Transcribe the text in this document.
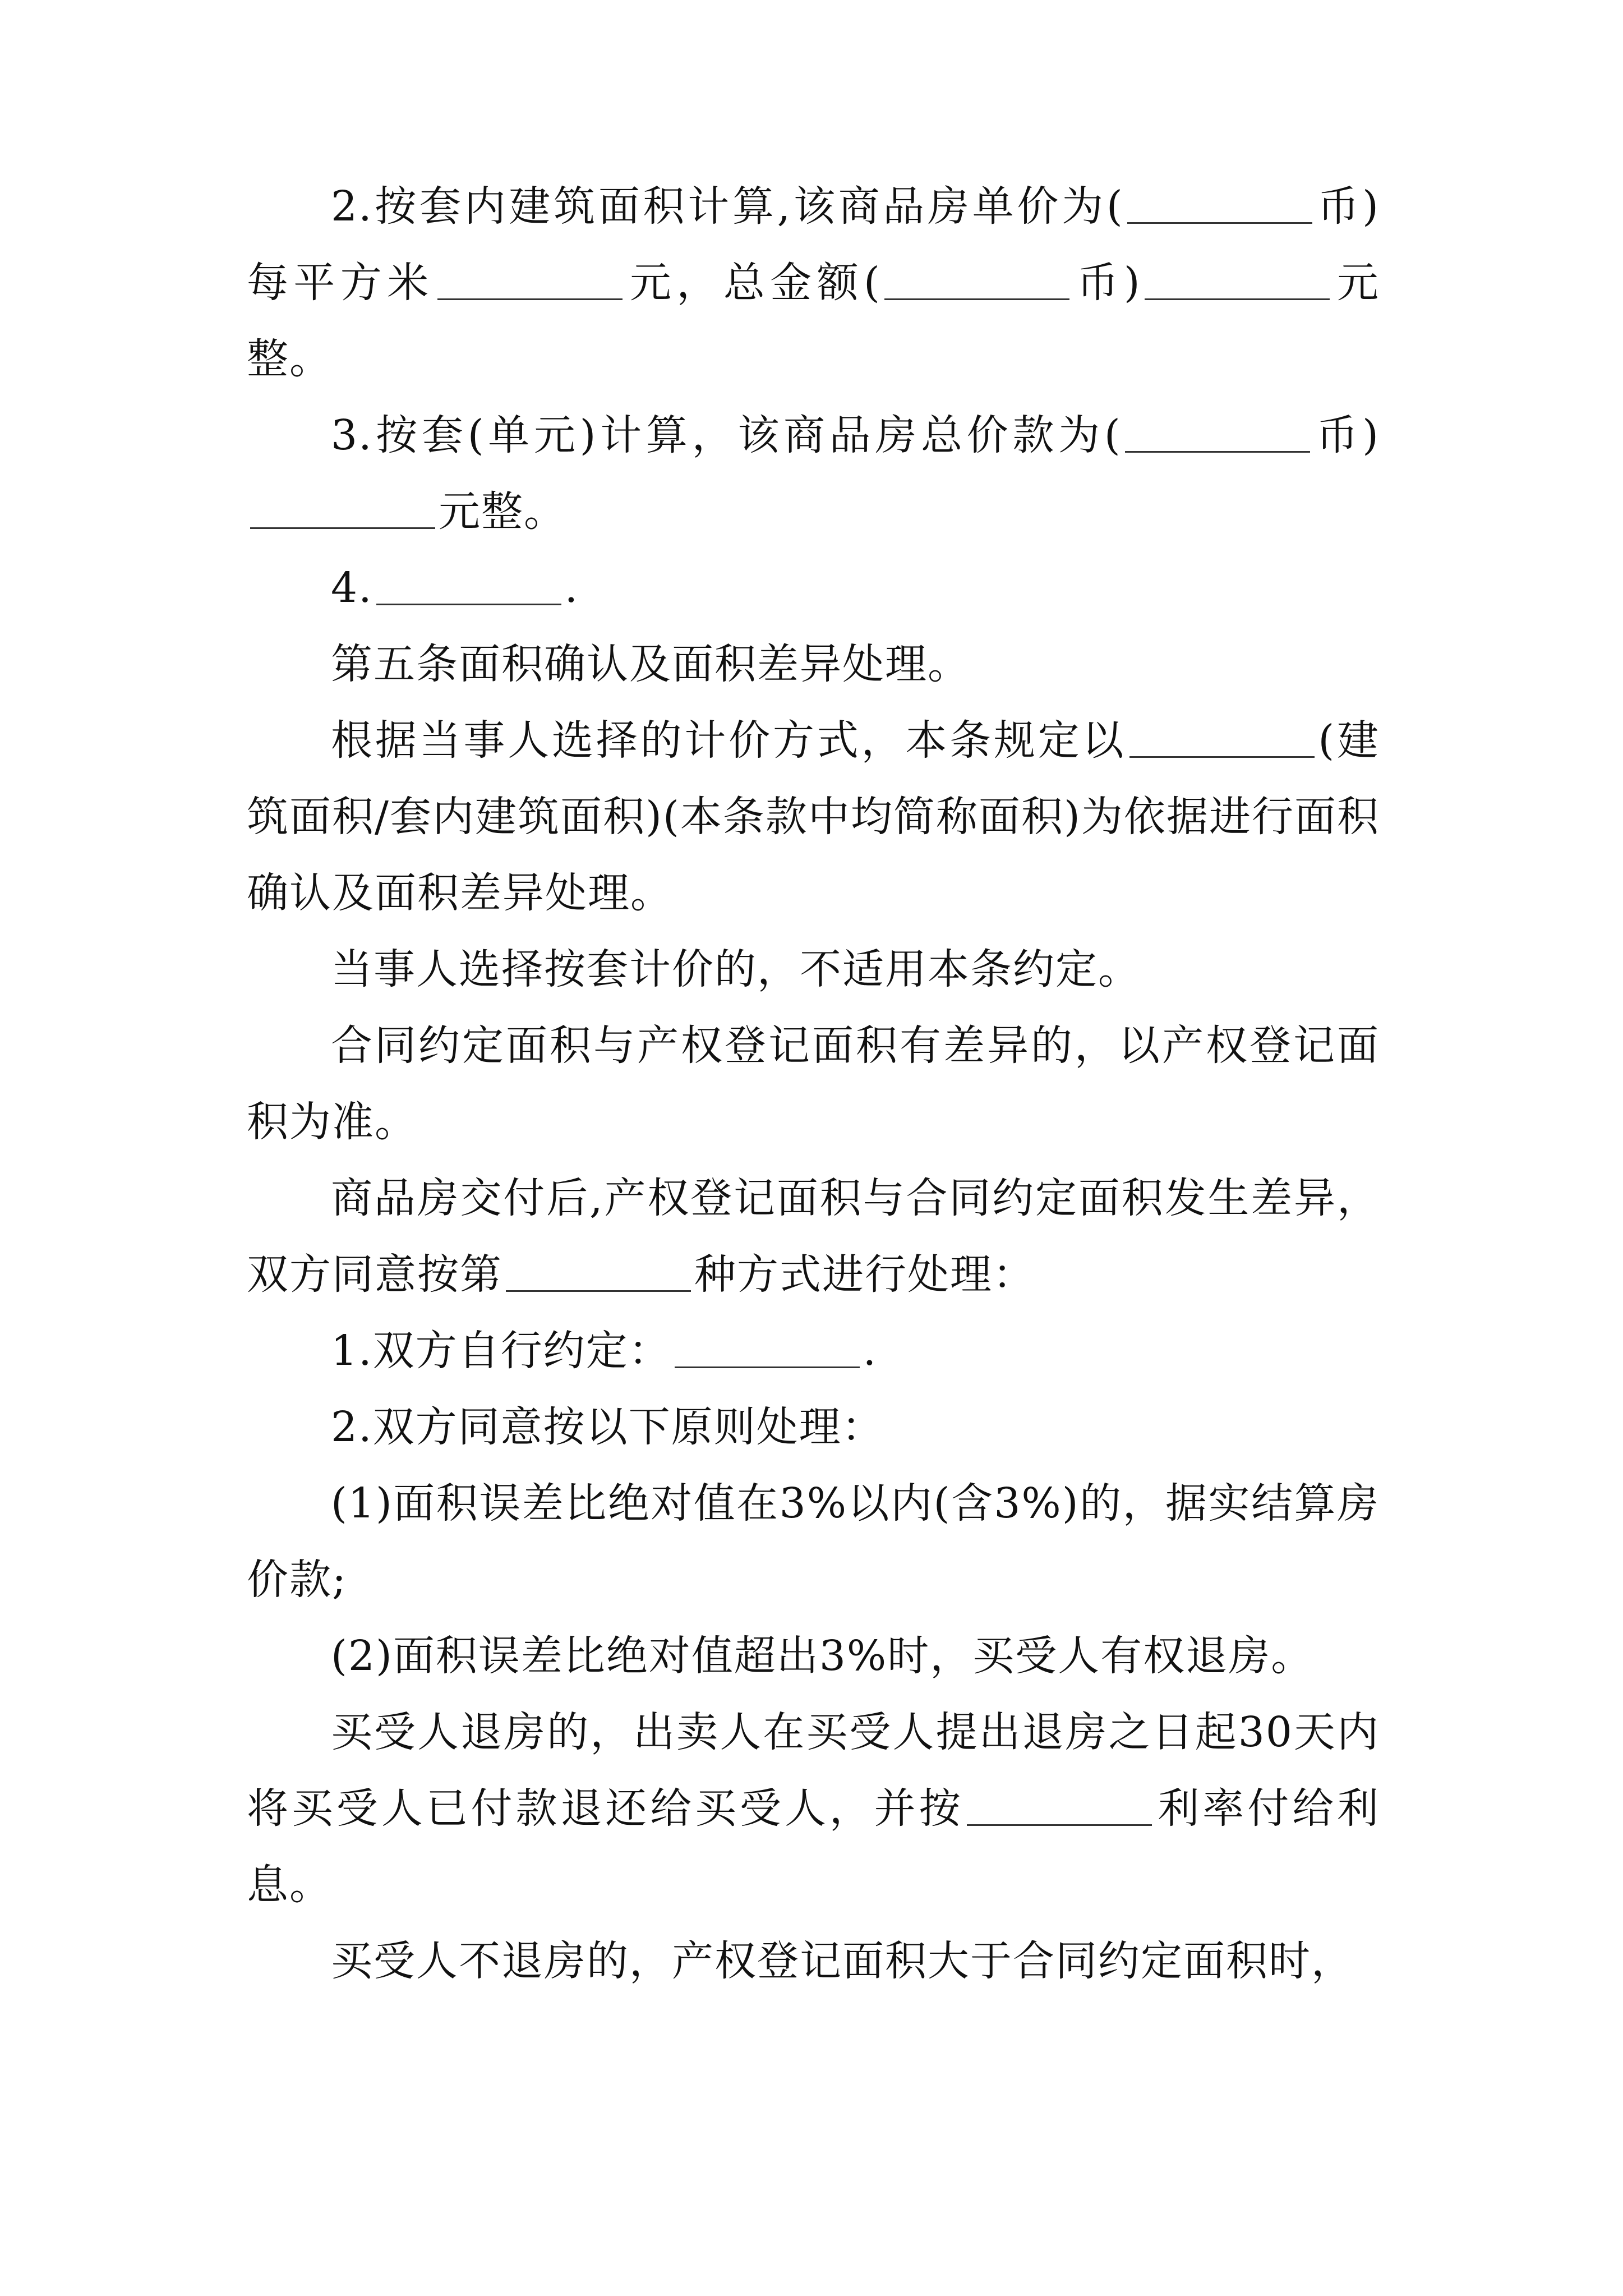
2.按套内建筑面积计算,该商品房单价为(	币) 每平方米	元，总金额(	币)	元整。

3.按套(单元)计算，该商品房总价款为(	币)元整。

4.	.

第五条面积确认及面积差异处理。

根据当事人选择的计价方式，本条规定以	(建筑面积/套内建筑面积)(本条款中均简称面积)为依据进行面积确认及面积差异处理。

当事人选择按套计价的，不适用本条约定。

合同约定面积与产权登记面积有差异的，以产权登记面积为准。

商品房交付后,产权登记面积与合同约定面积发生差异，双方同意按第	种方式进行处理：

1.双方自行约定：	.

2.双方同意按以下原则处理：

(1)面积误差比绝对值在3%以内(含3%)的，据实结算房价款;

(2)面积误差比绝对值超出3%时，买受人有权退房。

买受人退房的，出卖人在买受人提出退房之日起30天内将买受人已付款退还给买受人，并按	利率付给利息。

买受人不退房的，产权登记面积大于合同约定面积时，
